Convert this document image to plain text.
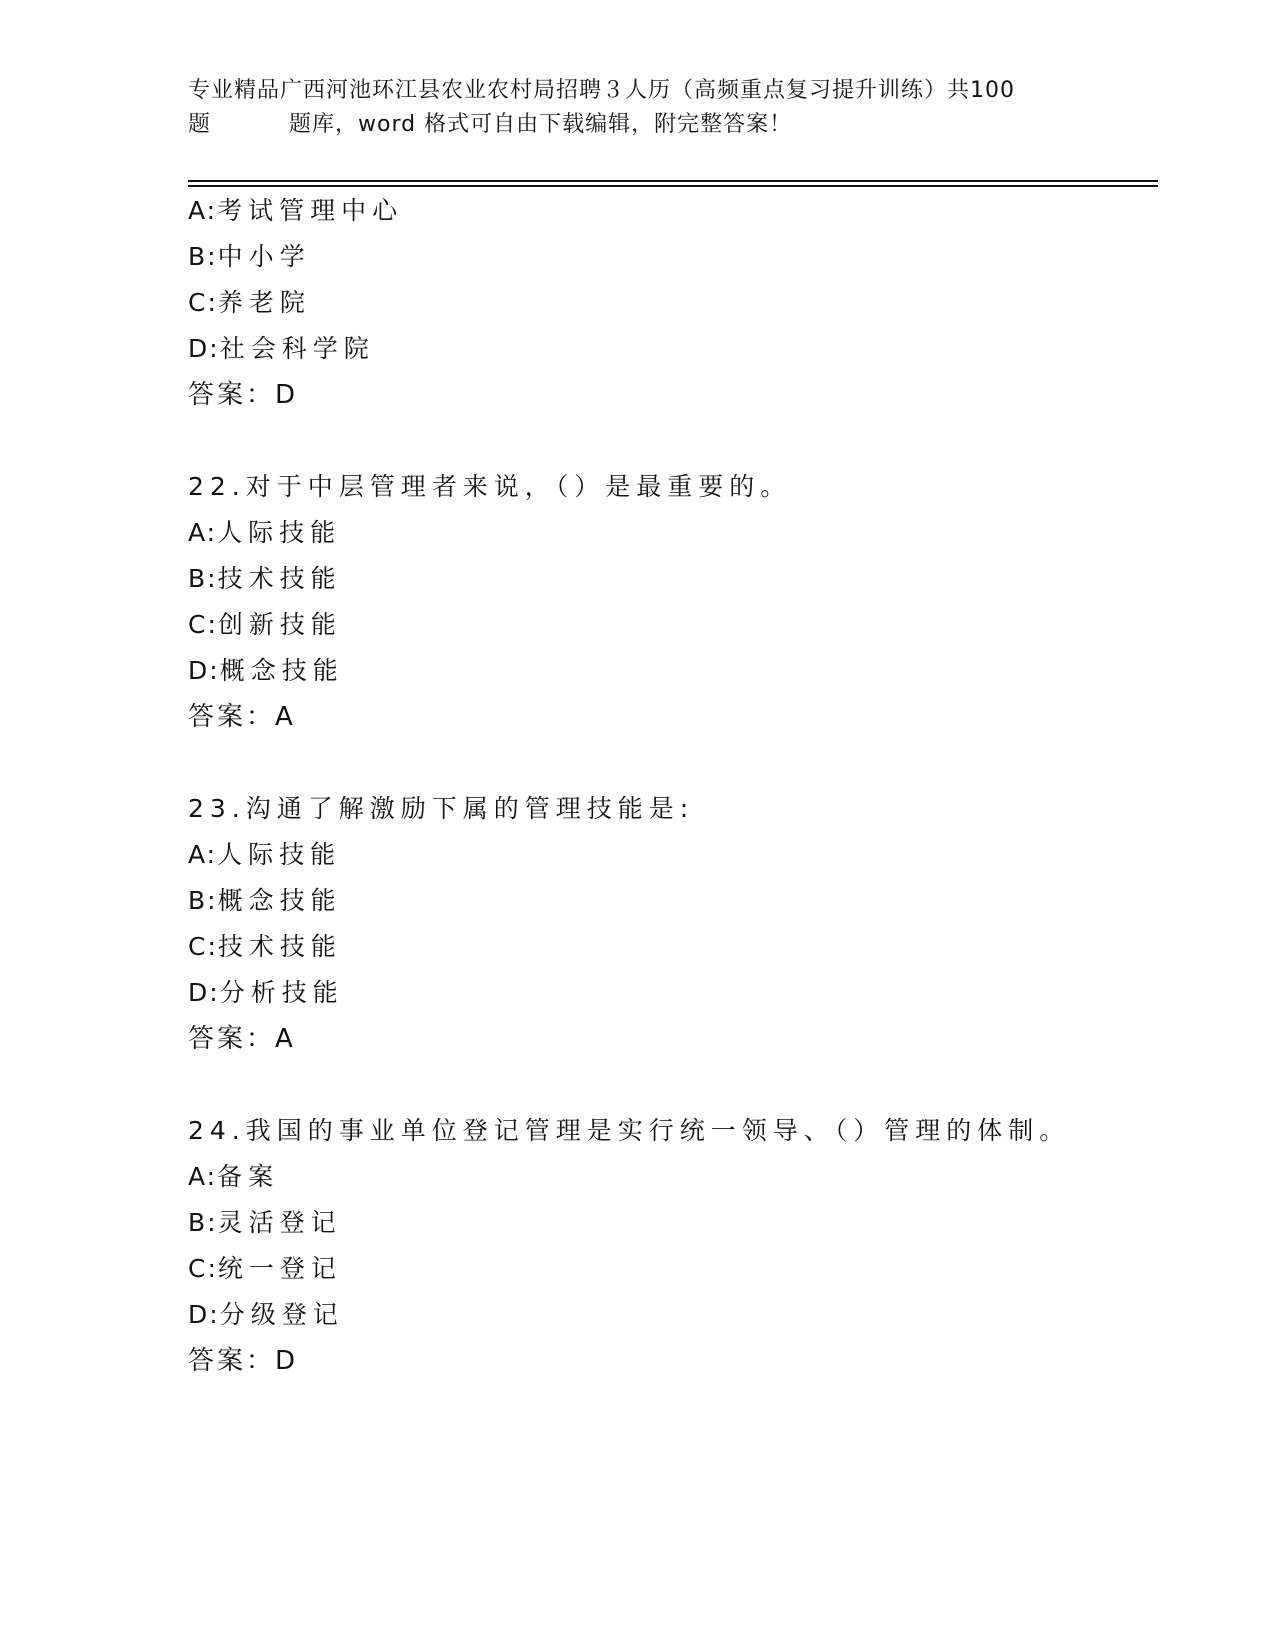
专业精品广西河池环江县农业农村局招聘３人历（高频重点复习提升训练）共100
题	题库，word 格式可自由下载编辑，附完整答案！
A:考试管理中心
B:中小学
C:养老院
D:社会科学院
答案：D
22.对于中层管理者来说，（）是最重要的。
A:人际技能
B:技术技能
C:创新技能
D:概念技能
答案：A
23.沟通了解激励下属的管理技能是:
A:人际技能
B:概念技能
C:技术技能
D:分析技能
答案：A
24.我国的事业单位登记管理是实行统一领导、（）管理的体制。
A:备案
B:灵活登记
C:统一登记
D:分级登记
答案：D
